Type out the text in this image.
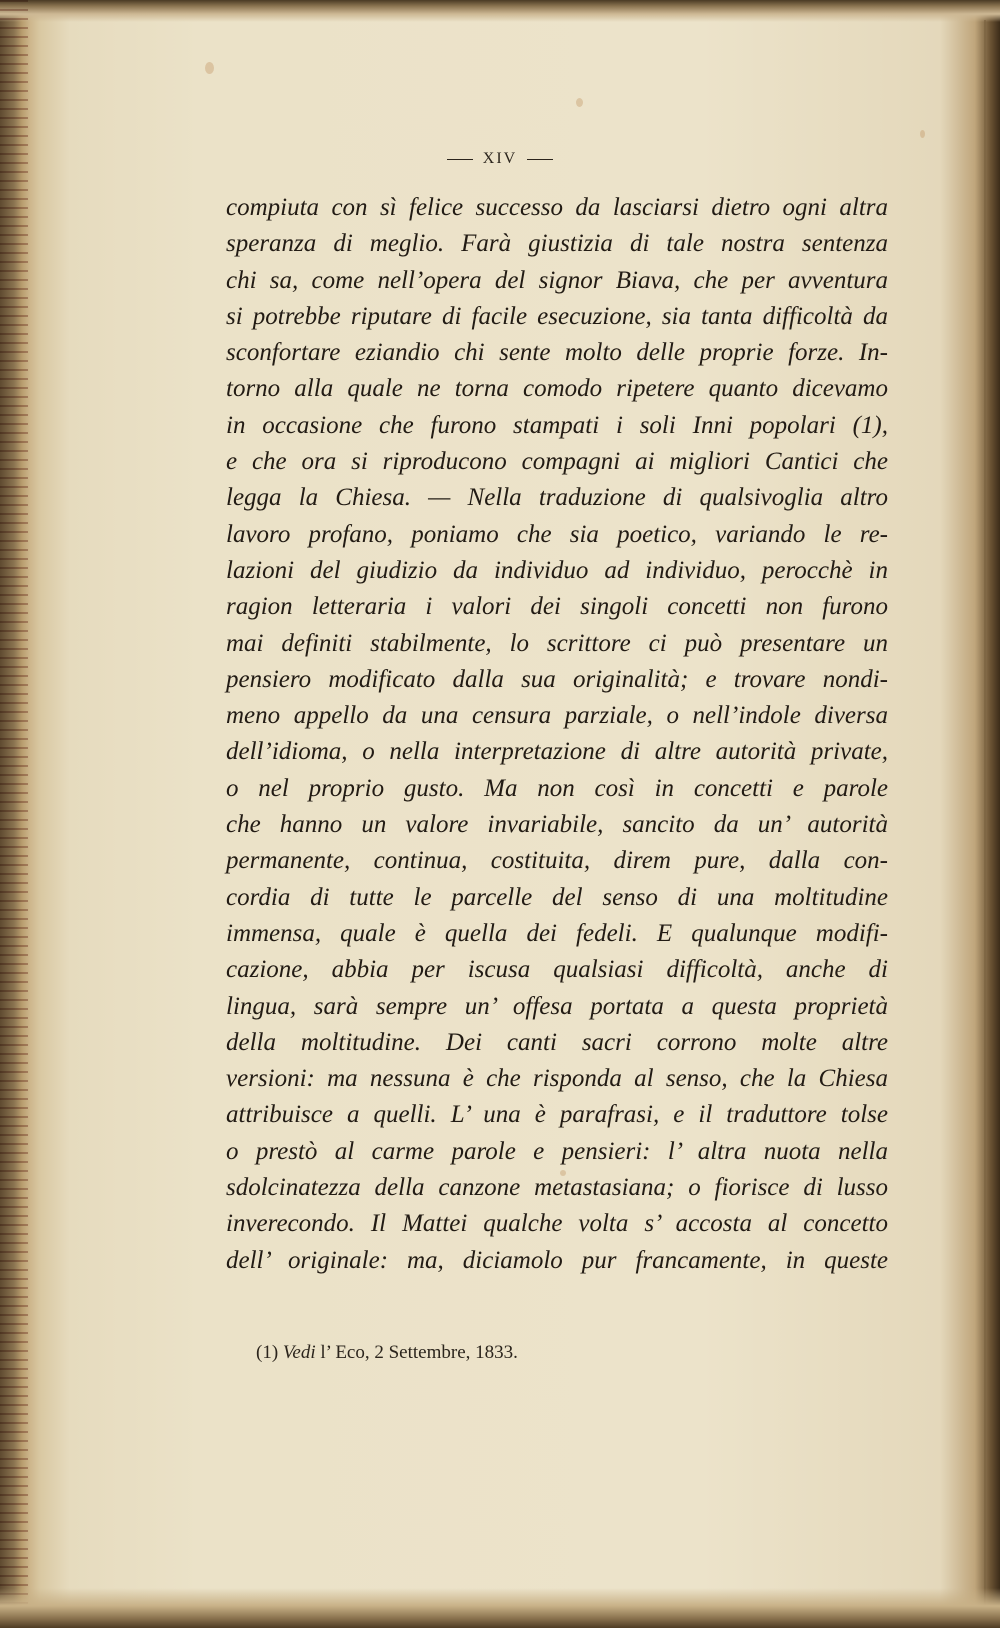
XIV
compiuta con sì felice successo da lasciarsi dietro ogni altra
speranza di meglio. Farà giustizia di tale nostra sentenza
chi sa, come nell’opera del signor Biava, che per avventura
si potrebbe riputare di facile esecuzione, sia tanta difficoltà da
sconfortare eziandio chi sente molto delle proprie forze. In-
torno alla quale ne torna comodo ripetere quanto dicevamo
in occasione che furono stampati i soli Inni popolari (1),
e che ora si riproducono compagni ai migliori Cantici che
legga la Chiesa. — Nella traduzione di qualsivoglia altro
lavoro profano, poniamo che sia poetico, variando le re-
lazioni del giudizio da individuo ad individuo, perocchè in
ragion letteraria i valori dei singoli concetti non furono
mai definiti stabilmente, lo scrittore ci può presentare un
pensiero modificato dalla sua originalità; e trovare nondi-
meno appello da una censura parziale, o nell’indole diversa
dell’idioma, o nella interpretazione di altre autorità private,
o nel proprio gusto. Ma non così in concetti e parole
che hanno un valore invariabile, sancito da un’ autorità
permanente, continua, costituita, direm pure, dalla con-
cordia di tutte le parcelle del senso di una moltitudine
immensa, quale è quella dei fedeli. E qualunque modifi-
cazione, abbia per iscusa qualsiasi difficoltà, anche di
lingua, sarà sempre un’ offesa portata a questa proprietà
della moltitudine. Dei canti sacri corrono molte altre
versioni: ma nessuna è che risponda al senso, che la Chiesa
attribuisce a quelli. L’ una è parafrasi, e il traduttore tolse
o prestò al carme parole e pensieri: l’ altra nuota nella
sdolcinatezza della canzone metastasiana; o fiorisce di lusso
inverecondo. Il Mattei qualche volta s’ accosta al concetto
dell’ originale: ma, diciamolo pur francamente, in queste
(1) Vedi l’ Eco, 2 Settembre, 1833.
